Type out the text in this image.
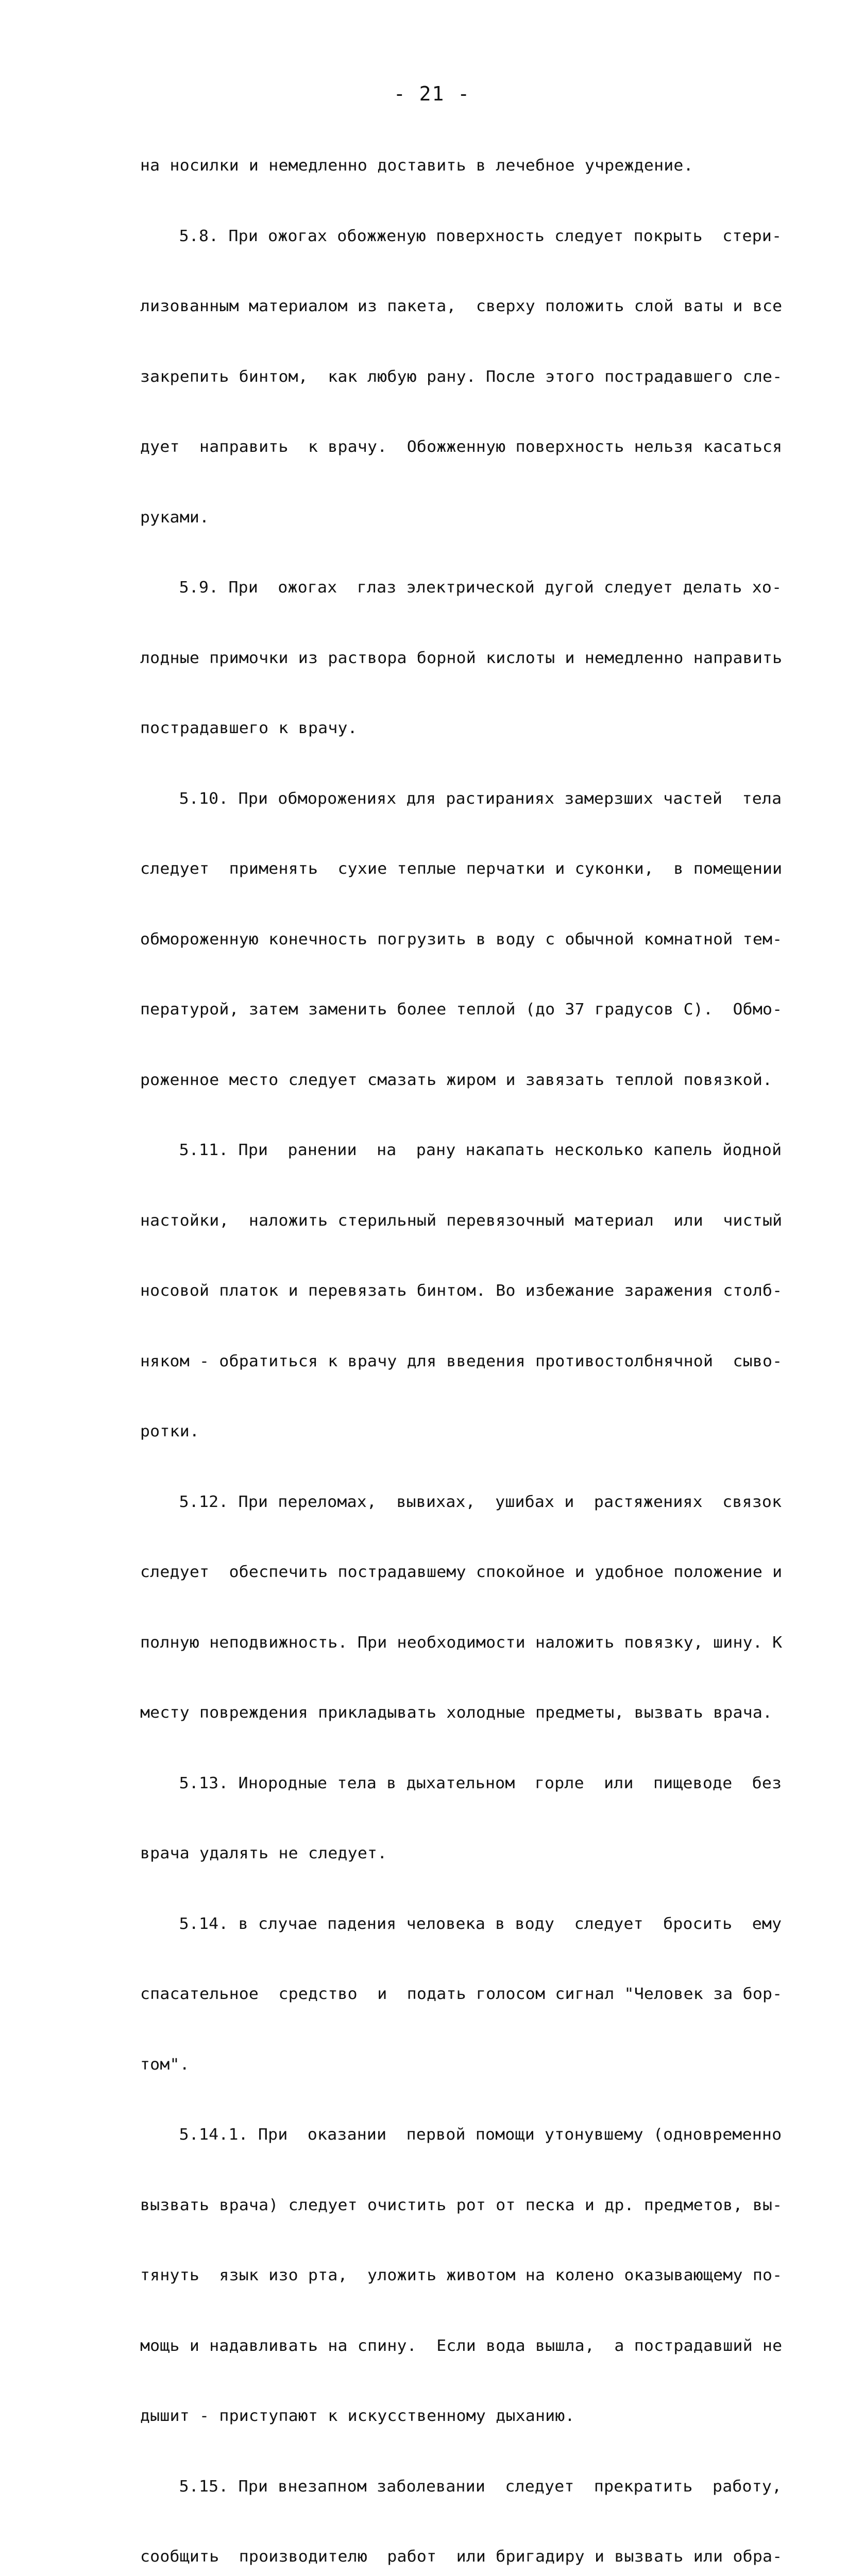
- 21 -

на носилки и немедленно доставить в лечебное учреждение.

5.8. При ожогах обожженую поверхность следует покрыть  стери-

лизованным материалом из пакета,  сверху положить слой ваты и все

закрепить бинтом,  как любую рану. После этого пострадавшего сле-

дует  направить  к врачу.  Обожженную поверхность нельзя касаться

руками.

5.9. При  ожогах  глаз электрической дугой следует делать хо-

лодные примочки из раствора борной кислоты и немедленно направить

пострадавшего к врачу.

5.10. При обморожениях для растираниях замерзших частей  тела

следует  применять  сухие теплые перчатки и суконки,  в помещении

обмороженную конечность погрузить в воду с обычной комнатной тем-

пературой, затем заменить более теплой (до 37 градусов С).  Обмо-

роженное место следует смазать жиром и завязать теплой повязкой.

5.11. При  ранении  на  рану накапать несколько капель йодной

настойки,  наложить стерильный перевязочный материал  или  чистый

носовой платок и перевязать бинтом. Во избежание заражения столб-

няком - обратиться к врачу для введения противостолбнячной  сыво-

ротки.

5.12. При переломах,  вывихах,  ушибах и  растяжениях  связок

следует  обеспечить пострадавшему спокойное и удобное положение и

полную неподвижность. При необходимости наложить повязку, шину. К

месту повреждения прикладывать холодные предметы, вызвать врача.

5.13. Инородные тела в дыхательном  горле  или  пищеводе  без

врача удалять не следует.

5.14. в случае падения человека в воду  следует  бросить  ему

спасательное  средство  и  подать голосом сигнал "Человек за бор-

том".

5.14.1. При  оказании  первой помощи утонувшему (одновременно

вызвать врача) следует очистить рот от песка и др. предметов, вы-

тянуть  язык изо рта,  уложить животом на колено оказывающему по-

мощь и надавливать на спину.  Если вода вышла,  а пострадавший не

дышит - приступают к искусственному дыханию.

5.15. При внезапном заболевании  следует  прекратить  работу,

сообщить  производителю  работ  или бригадиру и вызвать или обра-
